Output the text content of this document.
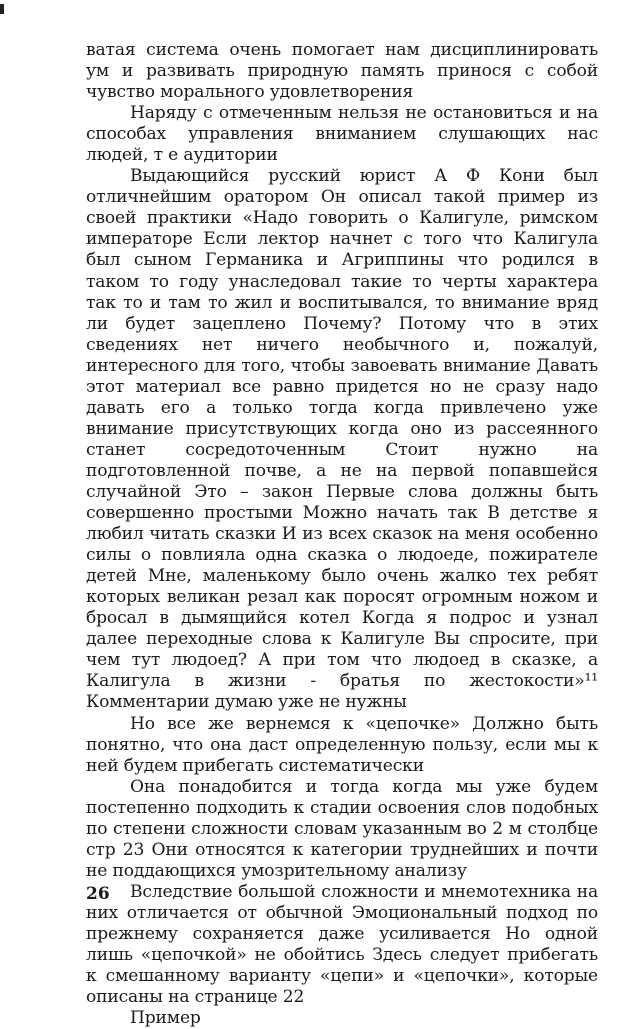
ватая система очень помогает нам дисциплинировать ум и развивать природную память принося с собой чувство морального удовлетворения

Наряду с отмеченным нельзя не остановиться и на способах управления вниманием слушающих нас людей, т е аудитории

Выдающийся русский юрист А Ф Кони был отличнейшим оратором Он описал такой пример из своей практики «Надо говорить о Калигуле, римском императоре Если лектор начнет с того что Калигула был сыном Германика и Агриппины что родился в таком то году унаследовал такие то черты характера так то и там то жил и воспитывался, то внимание вряд ли будет зацеплено Почему? Потому что в этих сведениях нет ничего необычного и, пожалуй, интересного для того, чтобы завоевать внимание Давать этот материал все равно придется но не сразу надо давать его а только тогда когда привлечено уже внимание присутствующих когда оно из рассеянного станет сосредоточенным Стоит нужно на подготовленной почве, а не на первой попавшейся случайной Это – закон Первые слова должны быть совершенно простыми Можно начать так В детстве я любил читать сказки И из всех сказок на меня особенно силы о повлияла одна сказка о людоеде, пожирателе детей Мне, маленькому было очень жалко тех ребят которых великан резал как поросят огромным ножом и бросал в дымящийся котел Когда я подрос и узнал далее переходные слова к Калигуле Вы спросите, при чем тут людоед? А при том что людоед в сказке, а Калигула в жизни - братья по жестокости»¹¹ Комментарии думаю уже не нужны

Но все же вернемся к «цепочке» Должно быть понятно, что она даст определенную пользу, если мы к ней будем прибегать систематически

Она понадобится и тогда когда мы уже будем постепенно подходить к стадии освоения слов подобных по степени сложности словам указанным во 2 м столбце стр 23 Они относятся к категории труднейших и почти не поддающихся умозрительному анализу

Вследствие большой сложности и мнемотехника на них отличается от обычной Эмоциональный подход по прежнему сохраняется даже усиливается Но одной лишь «цепочкой» не обойтись Здесь следует прибегать к смешанному варианту «цепи» и «цепочки», которые описаны на странице 22

Пример

26
